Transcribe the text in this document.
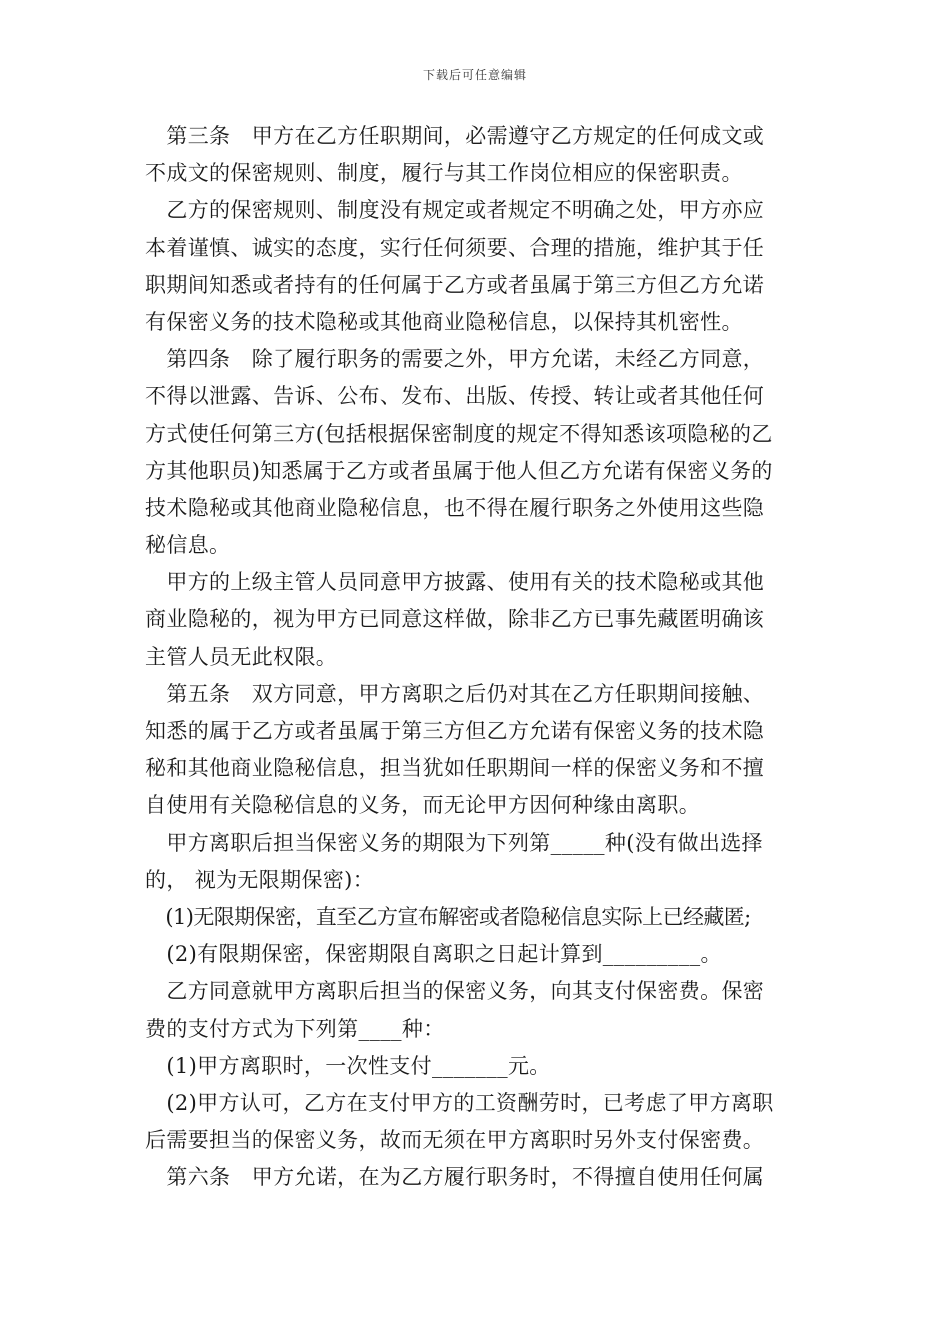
下载后可任意编辑
　第三条　甲方在乙方任职期间，必需遵守乙方规定的任何成文或
不成文的保密规则、制度，履行与其工作岗位相应的保密职责。
　乙方的保密规则、制度没有规定或者规定不明确之处，甲方亦应
本着谨慎、诚实的态度，实行任何须要、合理的措施，维护其于任
职期间知悉或者持有的任何属于乙方或者虽属于第三方但乙方允诺
有保密义务的技术隐秘或其他商业隐秘信息，以保持其机密性。
　第四条　除了履行职务的需要之外，甲方允诺，未经乙方同意，
不得以泄露、告诉、公布、发布、出版、传授、转让或者其他任何
方式使任何第三方(包括根据保密制度的规定不得知悉该项隐秘的乙
方其他职员)知悉属于乙方或者虽属于他人但乙方允诺有保密义务的
技术隐秘或其他商业隐秘信息，也不得在履行职务之外使用这些隐
秘信息。
　甲方的上级主管人员同意甲方披露、使用有关的技术隐秘或其他
商业隐秘的，视为甲方已同意这样做，除非乙方已事先藏匿明确该
主管人员无此权限。
　第五条　双方同意，甲方离职之后仍对其在乙方任职期间接触、
知悉的属于乙方或者虽属于第三方但乙方允诺有保密义务的技术隐
秘和其他商业隐秘信息，担当犹如任职期间一样的保密义务和不擅
自使用有关隐秘信息的义务，而无论甲方因何种缘由离职。
　甲方离职后担当保密义务的期限为下列第_____种(没有做出选择
的， 视为无限期保密)：
　(1)无限期保密，直至乙方宣布解密或者隐秘信息实际上已经藏匿;
　(2)有限期保密，保密期限自离职之日起计算到_________。
　乙方同意就甲方离职后担当的保密义务，向其支付保密费。保密
费的支付方式为下列第____种：
　(1)甲方离职时，一次性支付_______元。
　(2)甲方认可，乙方在支付甲方的工资酬劳时，已考虑了甲方离职
后需要担当的保密义务，故而无须在甲方离职时另外支付保密费。
　第六条　甲方允诺，在为乙方履行职务时，不得擅自使用任何属
